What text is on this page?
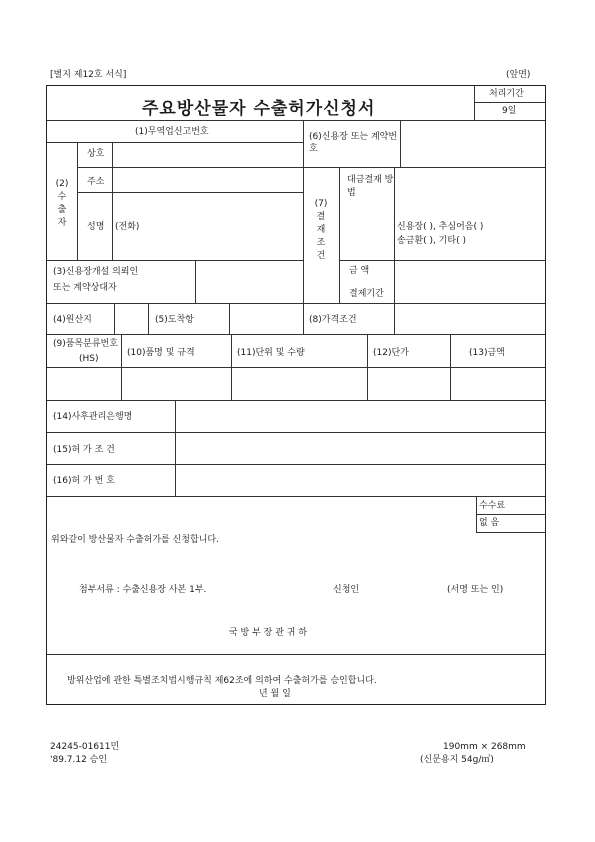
[별지 제12호 서식]	(앞면)
주요방산물자 수출허가신청서
처리기간
9일
(1)무역업신고번호	(6)신용장 또는 계약번호
(2) 수 출 자
상호
주소
성명 (전화)
(7) 결 재 조 건
대금결재 방 법
신용장( ), 추심어음( )
송금환( ), 기타( )
금 액
결제기간
(3)신용장개설 의뢰인
또는 계약상대자
(4)원산지	(5)도착항	(8)가격조건
(9)품목분류번호
(HS)
(10)품명 및 규격	(11)단위 및 수량	(12)단가	(13)금액
(14)사후관리은행명
(15)허 가 조 건
(16)허 가 번 호
수수료
없 음
위와같이 방산물자 수출허가를 신청합니다.
첨부서류 : 수출신용장 사본 1부.	신청인	(서명 또는 인)
국 방 부 장 관 귀 하
방위산업에 관한 특별조치법시행규칙 제62조에 의하여 수출허가를 승인합니다.
년 월 일
24245-01611민
'89.7.12 승인
190mm × 268mm
(신문용지 54g/㎡)
